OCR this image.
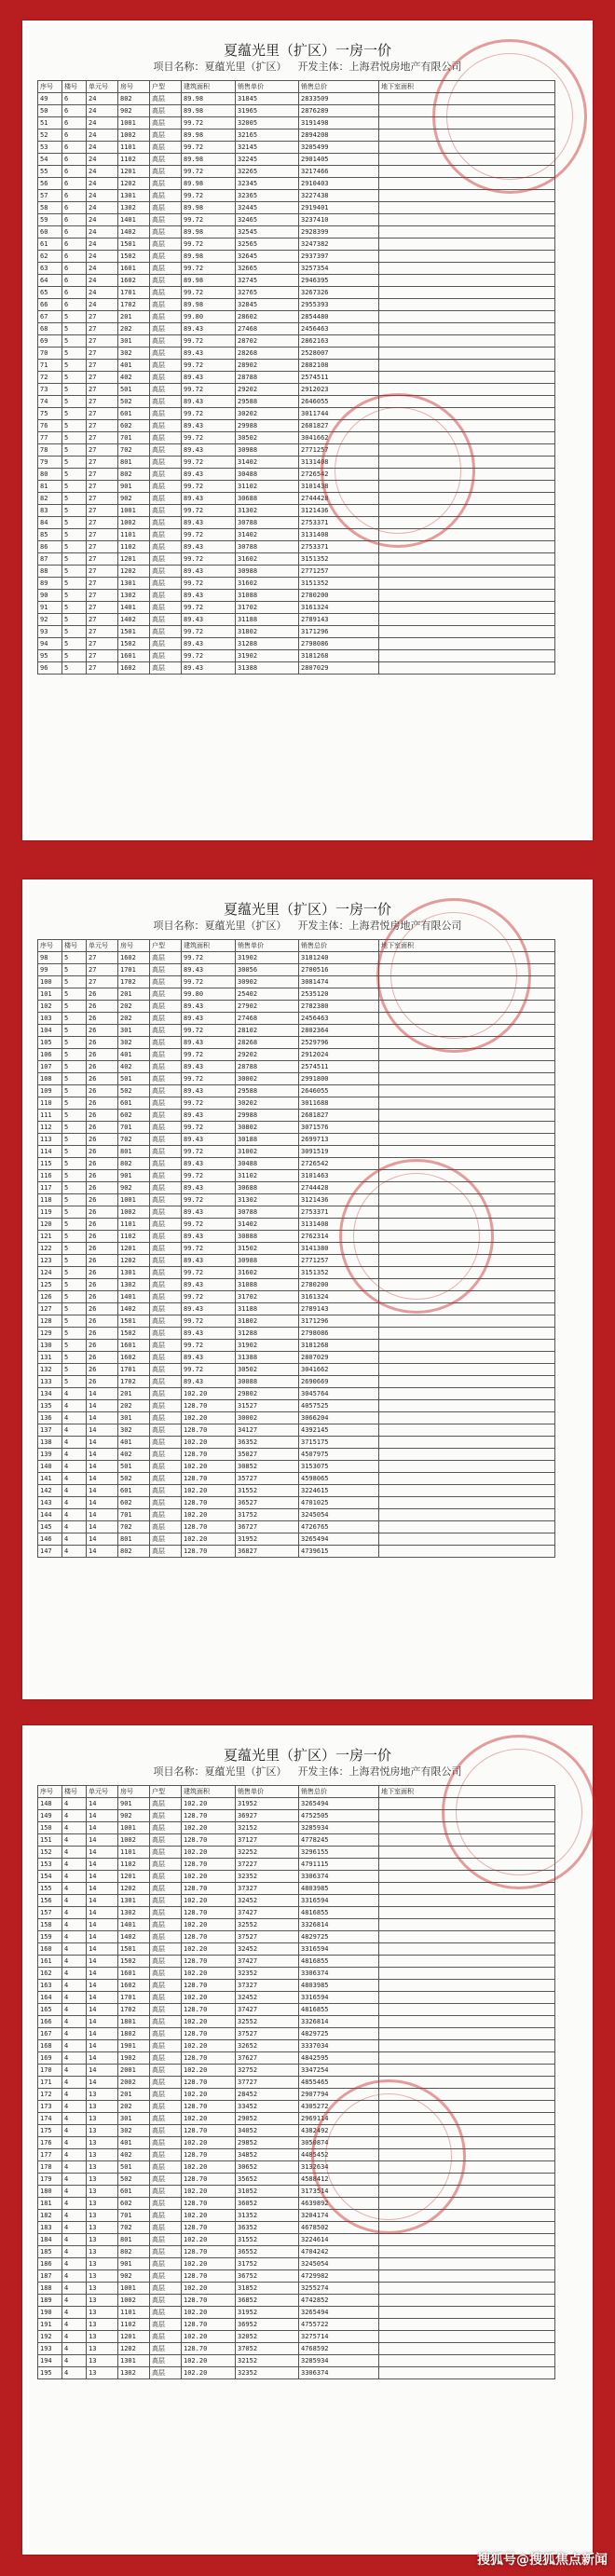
夏蕴光里（扩区）一房一价
项目名称：夏蕴光里（扩区） 开发主体：上海君悦房地产有限公司
序号	楼号	单元号	房号	户型	建筑面积	销售单价	销售总价	地下室面积
49	6	24	802	高层	89.98	31845	2833509	
50	6	24	902	高层	89.98	31965	2876289	
51	6	24	1001	高层	99.72	32005	3191498	
52	6	24	1002	高层	89.98	32165	2894208	
53	6	24	1101	高层	99.72	32145	3205499	
54	6	24	1102	高层	89.98	32245	2901405	
55	6	24	1201	高层	99.72	32265	3217466	
56	6	24	1202	高层	89.98	32345	2910403	
57	6	24	1301	高层	99.72	32365	3227438	
58	6	24	1302	高层	89.98	32445	2919401	
59	6	24	1401	高层	99.72	32465	3237410	
60	6	24	1402	高层	89.98	32545	2928399	
61	6	24	1501	高层	99.72	32565	3247382	
62	6	24	1502	高层	89.98	32645	2937397	
63	6	24	1601	高层	99.72	32665	3257354	
64	6	24	1602	高层	89.98	32745	2946395	
65	6	24	1701	高层	99.72	32765	3267326	
66	6	24	1702	高层	89.98	32845	2955393	
67	5	27	201	高层	99.80	28602	2854480	
68	5	27	202	高层	89.43	27468	2456463	
69	5	27	301	高层	99.72	28702	2862163	
70	5	27	302	高层	89.43	28268	2528007	
71	5	27	401	高层	99.72	28902	2882108	
72	5	27	402	高层	89.43	28788	2574511	
73	5	27	501	高层	99.72	29202	2912023	
74	5	27	502	高层	89.43	29588	2646055	
75	5	27	601	高层	99.72	30202	3011744	
76	5	27	602	高层	89.43	29988	2681827	
77	5	27	701	高层	99.72	30502	3041662	
78	5	27	702	高层	89.43	30988	2771257	
79	5	27	801	高层	99.72	31402	3131408	
80	5	27	802	高层	89.43	30488	2726542	
81	5	27	901	高层	99.72	31102	3101438	
82	5	27	902	高层	89.43	30688	2744428	
83	5	27	1001	高层	99.72	31302	3121436	
84	5	27	1002	高层	89.43	30788	2753371	
85	5	27	1101	高层	99.72	31402	3131408	
86	5	27	1102	高层	89.43	30788	2753371	
87	5	27	1201	高层	99.72	31602	3151352	
88	5	27	1202	高层	89.43	30988	2771257	
89	5	27	1301	高层	99.72	31602	3151352	
90	5	27	1302	高层	89.43	31088	2780200	
91	5	27	1401	高层	99.72	31702	3161324	
92	5	27	1402	高层	89.43	31188	2789143	
93	5	27	1501	高层	99.72	31802	3171296	
94	5	27	1502	高层	89.43	31288	2798086	
95	5	27	1601	高层	99.72	31902	3181268	
96	5	27	1602	高层	89.43	31388	2807029	
夏蕴光里（扩区）一房一价
项目名称：夏蕴光里（扩区） 开发主体：上海君悦房地产有限公司
序号	楼号	单元号	房号	户型	建筑面积	销售单价	销售总价	地下室面积
98	5	27	1602	高层	99.72	31902	3181240	
99	5	27	1701	高层	89.43	30056	2700516	
100	5	27	1702	高层	99.72	30902	3081474	
101	5	26	201	高层	99.80	25402	2535120	
102	5	26	202	高层	89.43	27902	2782380	
103	5	26	202	高层	89.43	27468	2456463	
104	5	26	301	高层	99.72	28102	2802364	
105	5	26	302	高层	89.43	28268	2529796	
106	5	26	401	高层	99.72	29202	2912024	
107	5	26	402	高层	89.43	28788	2574511	
108	5	26	501	高层	99.72	30002	2991800	
109	5	26	502	高层	89.43	29588	2646055	
110	5	26	601	高层	99.72	30202	3011688	
111	5	26	602	高层	89.43	29988	2681827	
112	5	26	701	高层	99.72	30802	3071576	
113	5	26	702	高层	89.43	30188	2699713	
114	5	26	801	高层	99.72	31002	3091519	
115	5	26	802	高层	89.43	30488	2726542	
116	5	26	901	高层	99.72	31102	3101463	
117	5	26	902	高层	89.43	30688	2744428	
118	5	26	1001	高层	99.72	31302	3121436	
119	5	26	1002	高层	89.43	30788	2753371	
120	5	26	1101	高层	99.72	31402	3131408	
121	5	26	1102	高层	89.43	30888	2762314	
122	5	26	1201	高层	99.72	31502	3141380	
123	5	26	1202	高层	89.43	30988	2771257	
124	5	26	1301	高层	99.72	31602	3151352	
125	5	26	1302	高层	89.43	31088	2780200	
126	5	26	1401	高层	99.72	31702	3161324	
127	5	26	1402	高层	89.43	31188	2789143	
128	5	26	1501	高层	99.72	31802	3171296	
129	5	26	1502	高层	89.43	31288	2798086	
130	5	26	1601	高层	99.72	31902	3181268	
131	5	26	1602	高层	89.43	31388	2807029	
132	5	26	1701	高层	99.72	30502	3041662	
133	5	26	1702	高层	89.43	30088	2690669	
134	4	14	201	高层	102.20	29802	3045764	
135	4	14	202	高层	128.70	31527	4057525	
136	4	14	301	高层	102.20	30002	3066204	
137	4	14	302	高层	128.70	34127	4392145	
138	4	14	401	高层	102.20	36352	3715175	
139	4	14	402	高层	128.70	35027	4507975	
140	4	14	501	高层	102.20	30852	3153075	
141	4	14	502	高层	128.70	35727	4598065	
142	4	14	601	高层	102.20	31552	3224615	
143	4	14	602	高层	128.70	36527	4701025	
144	4	14	701	高层	102.20	31752	3245054	
145	4	14	702	高层	128.70	36727	4726765	
146	4	14	801	高层	102.20	31952	3265494	
147	4	14	802	高层	128.70	36827	4739615	
夏蕴光里（扩区）一房一价
项目名称：夏蕴光里（扩区） 开发主体：上海君悦房地产有限公司
序号	楼号	单元号	房号	户型	建筑面积	销售单价	销售总价	地下室面积
148	4	14	901	高层	102.20	31952	3265494	
149	4	14	902	高层	128.70	36927	4752505	
150	4	14	1001	高层	102.20	32152	3285934	
151	4	14	1002	高层	128.70	37127	4778245	
152	4	14	1101	高层	102.20	32252	3296155	
153	4	14	1102	高层	128.70	37227	4791115	
154	4	14	1201	高层	102.20	32352	3306374	
155	4	14	1202	高层	128.70	37327	4803985	
156	4	14	1301	高层	102.20	32452	3316594	
157	4	14	1302	高层	128.70	37427	4816855	
158	4	14	1401	高层	102.20	32552	3326814	
159	4	14	1402	高层	128.70	37527	4829725	
160	4	14	1501	高层	102.20	32452	3316594	
161	4	14	1502	高层	128.70	37427	4816855	
162	4	14	1601	高层	102.20	32352	3306374	
163	4	14	1602	高层	128.70	37327	4803985	
164	4	14	1701	高层	102.20	32452	3316594	
165	4	14	1702	高层	128.70	37427	4816855	
166	4	14	1801	高层	102.20	32552	3326814	
167	4	14	1802	高层	128.70	37527	4829725	
168	4	14	1901	高层	102.20	32652	3337034	
169	4	14	1902	高层	128.70	37627	4842595	
170	4	14	2001	高层	102.20	32752	3347254	
171	4	14	2002	高层	128.70	37727	4855465	
172	4	13	201	高层	102.20	28452	2907794	
173	4	13	202	高层	128.70	33452	4305272	
174	4	13	301	高层	102.20	29052	2969114	
175	4	13	302	高层	128.70	34052	4382492	
176	4	13	401	高层	102.20	29852	3050874	
177	4	13	402	高层	128.70	34852	4485452	
178	4	13	501	高层	102.20	30652	3132634	
179	4	13	502	高层	128.70	35652	4588412	
180	4	13	601	高层	102.20	31052	3173514	
181	4	13	602	高层	128.70	36052	4639892	
182	4	13	701	高层	102.20	31352	3204174	
183	4	13	702	高层	128.70	36352	4678502	
184	4	13	801	高层	102.20	31552	3224614	
185	4	13	802	高层	128.70	36552	4704242	
186	4	13	901	高层	102.20	31752	3245054	
187	4	13	902	高层	128.70	36752	4729982	
188	4	13	1001	高层	102.20	31852	3255274	
189	4	13	1002	高层	128.70	36852	4742852	
190	4	13	1101	高层	102.20	31952	3265494	
191	4	13	1102	高层	128.70	36952	4755722	
192	4	13	1201	高层	102.20	32052	3275714	
193	4	13	1202	高层	128.70	37052	4768592	
194	4	13	1301	高层	102.20	32152	3285934	
195	4	13	1302	高层	102.20	32352	3306374	
搜狐号@搜狐焦点新闻
